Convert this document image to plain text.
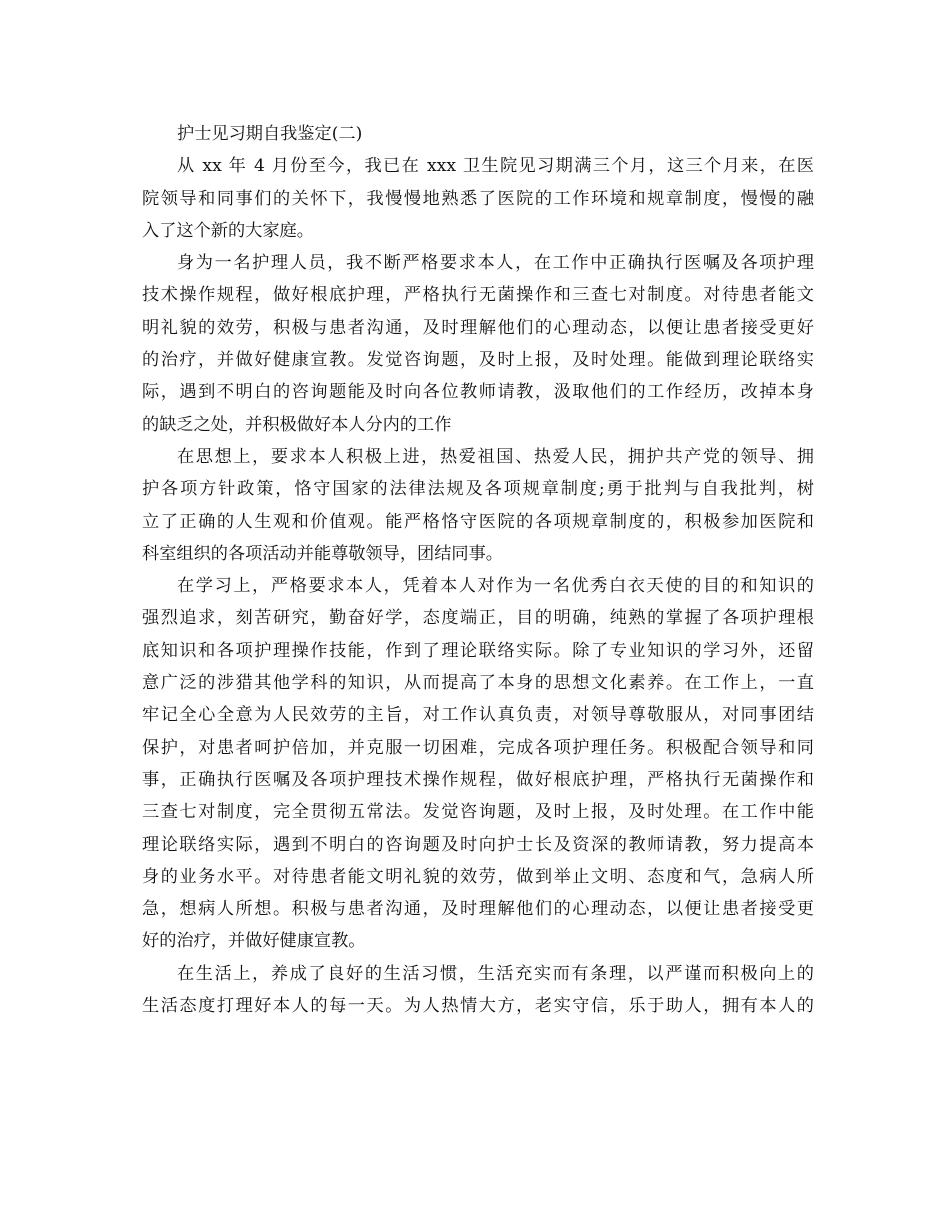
护士见习期自我鉴定(二)
从 xx 年 4 月份至今，我已在 xxx 卫生院见习期满三个月，这三个月来，在医
院领导和同事们的关怀下，我慢慢地熟悉了医院的工作环境和规章制度，慢慢的融
入了这个新的大家庭。
身为一名护理人员，我不断严格要求本人，在工作中正确执行医嘱及各项护理
技术操作规程，做好根底护理，严格执行无菌操作和三查七对制度。对待患者能文
明礼貌的效劳，积极与患者沟通，及时理解他们的心理动态，以便让患者接受更好
的治疗，并做好健康宣教。发觉咨询题，及时上报，及时处理。能做到理论联络实
际，遇到不明白的咨询题能及时向各位教师请教，汲取他们的工作经历，改掉本身
的缺乏之处，并积极做好本人分内的工作
在思想上，要求本人积极上进，热爱祖国、热爱人民，拥护共产党的领导、拥
护各项方针政策，恪守国家的法律法规及各项规章制度;勇于批判与自我批判，树
立了正确的人生观和价值观。能严格恪守医院的各项规章制度的，积极参加医院和
科室组织的各项活动并能尊敬领导，团结同事。
在学习上，严格要求本人，凭着本人对作为一名优秀白衣天使的目的和知识的
强烈追求，刻苦研究，勤奋好学，态度端正，目的明确，纯熟的掌握了各项护理根
底知识和各项护理操作技能，作到了理论联络实际。除了专业知识的学习外，还留
意广泛的涉猎其他学科的知识，从而提高了本身的思想文化素养。在工作上，一直
牢记全心全意为人民效劳的主旨，对工作认真负责，对领导尊敬服从，对同事团结
保护，对患者呵护倍加，并克服一切困难，完成各项护理任务。积极配合领导和同
事，正确执行医嘱及各项护理技术操作规程，做好根底护理，严格执行无菌操作和
三查七对制度，完全贯彻五常法。发觉咨询题，及时上报，及时处理。在工作中能
理论联络实际，遇到不明白的咨询题及时向护士长及资深的教师请教，努力提高本
身的业务水平。对待患者能文明礼貌的效劳，做到举止文明、态度和气，急病人所
急，想病人所想。积极与患者沟通，及时理解他们的心理动态，以便让患者接受更
好的治疗，并做好健康宣教。
在生活上，养成了良好的生活习惯，生活充实而有条理，以严谨而积极向上的
生活态度打理好本人的每一天。为人热情大方，老实守信，乐于助人，拥有本人的
